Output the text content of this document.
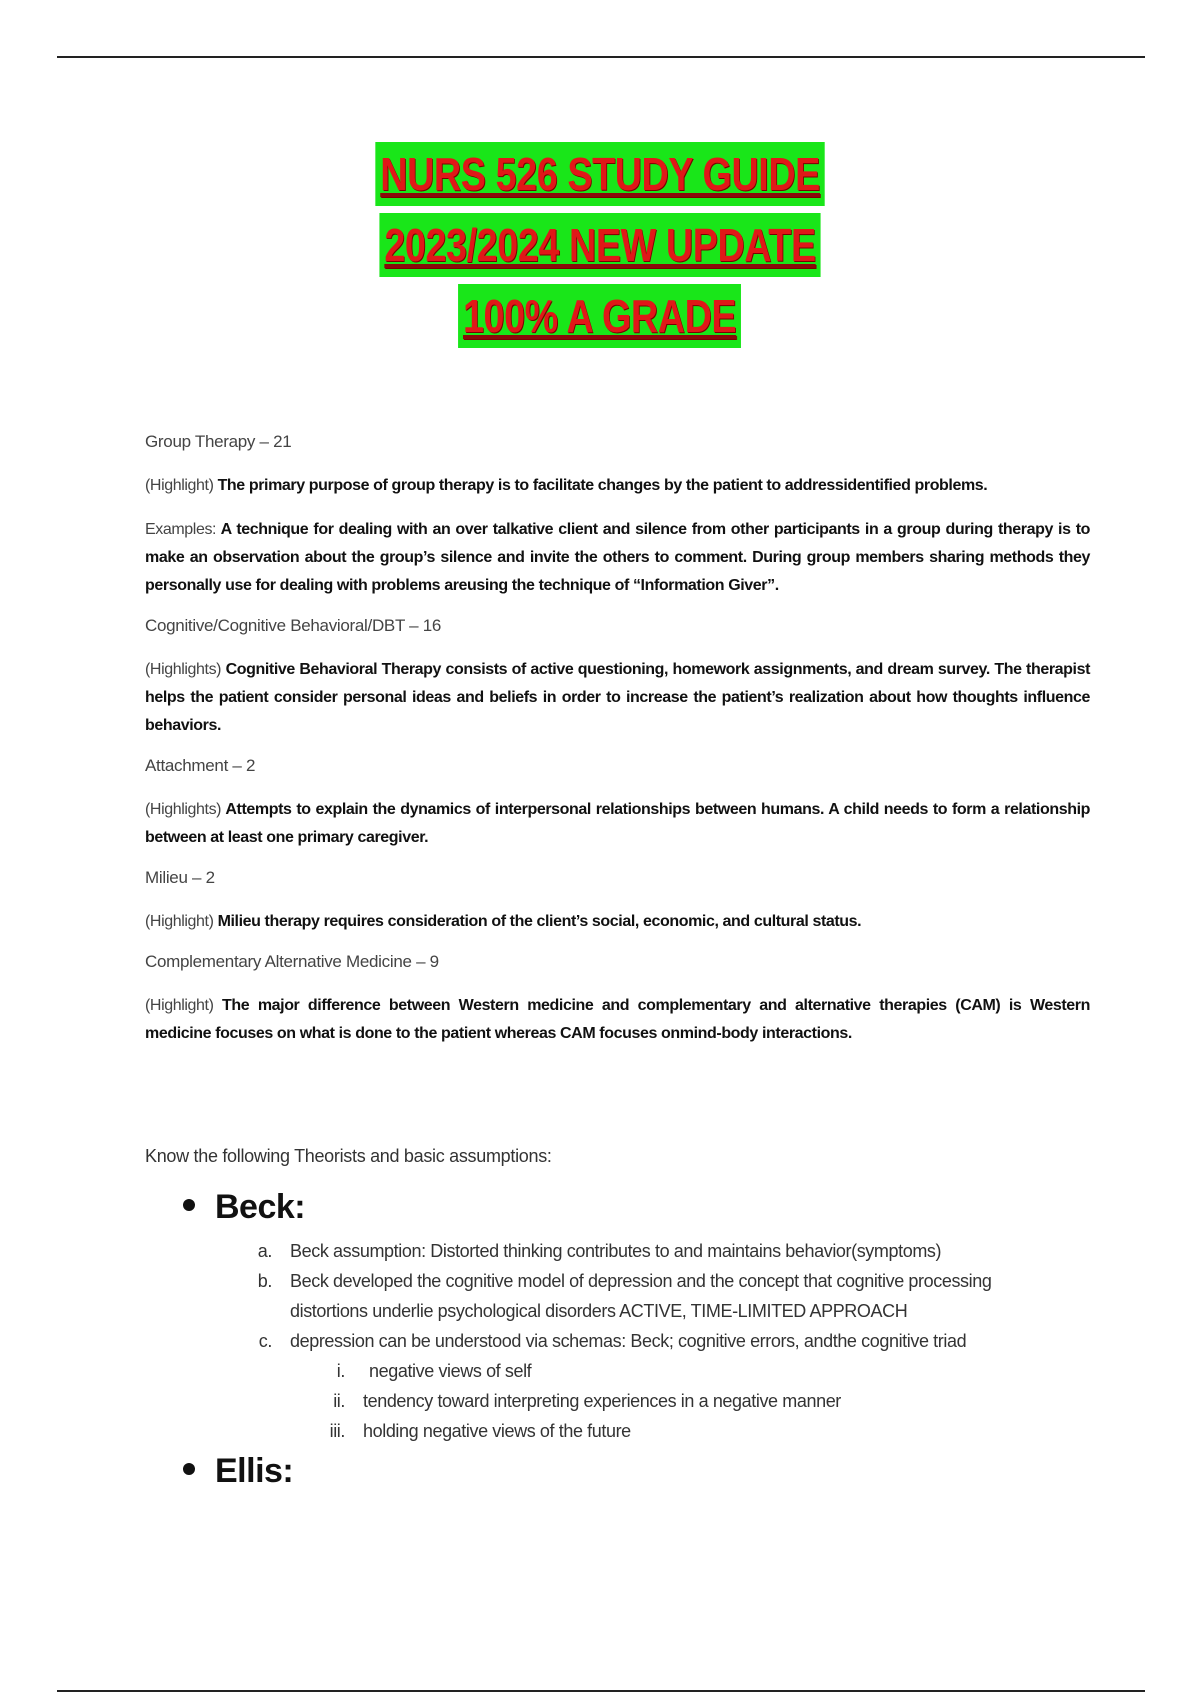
NURS 526 STUDY GUIDE
2023/2024 NEW UPDATE
100% A GRADE

Group Therapy – 21

(Highlight) The primary purpose of group therapy is to facilitate changes by the patient to addressidentified problems.

Examples: A technique for dealing with an over talkative client and silence from other participants in a group during therapy is to make an observation about the group’s silence and invite the others to comment. During group members sharing methods they personally use for dealing with problems areusing the technique of “Information Giver”.

Cognitive/Cognitive Behavioral/DBT – 16

(Highlights) Cognitive Behavioral Therapy consists of active questioning, homework assignments, and dream survey. The therapist helps the patient consider personal ideas and beliefs in order to increase the patient’s realization about how thoughts influence behaviors.

Attachment – 2

(Highlights) Attempts to explain the dynamics of interpersonal relationships between humans. A child needs to form a relationship between at least one primary caregiver.

Milieu – 2

(Highlight) Milieu therapy requires consideration of the client’s social, economic, and cultural status.

Complementary Alternative Medicine – 9

(Highlight) The major difference between Western medicine and complementary and alternative therapies (CAM) is Western medicine focuses on what is done to the patient whereas CAM focuses onmind-body interactions.

Know the following Theorists and basic assumptions:
Beck:
a. Beck assumption: Distorted thinking contributes to and maintains behavior(symptoms)
b. Beck developed the cognitive model of depression and the concept that cognitive processing
distortions underlie psychological disorders ACTIVE, TIME-LIMITED APPROACH
c. depression can be understood via schemas: Beck; cognitive errors, andthe cognitive triad
i. negative views of self
ii. tendency toward interpreting experiences in a negative manner
iii. holding negative views of the future
Ellis:
